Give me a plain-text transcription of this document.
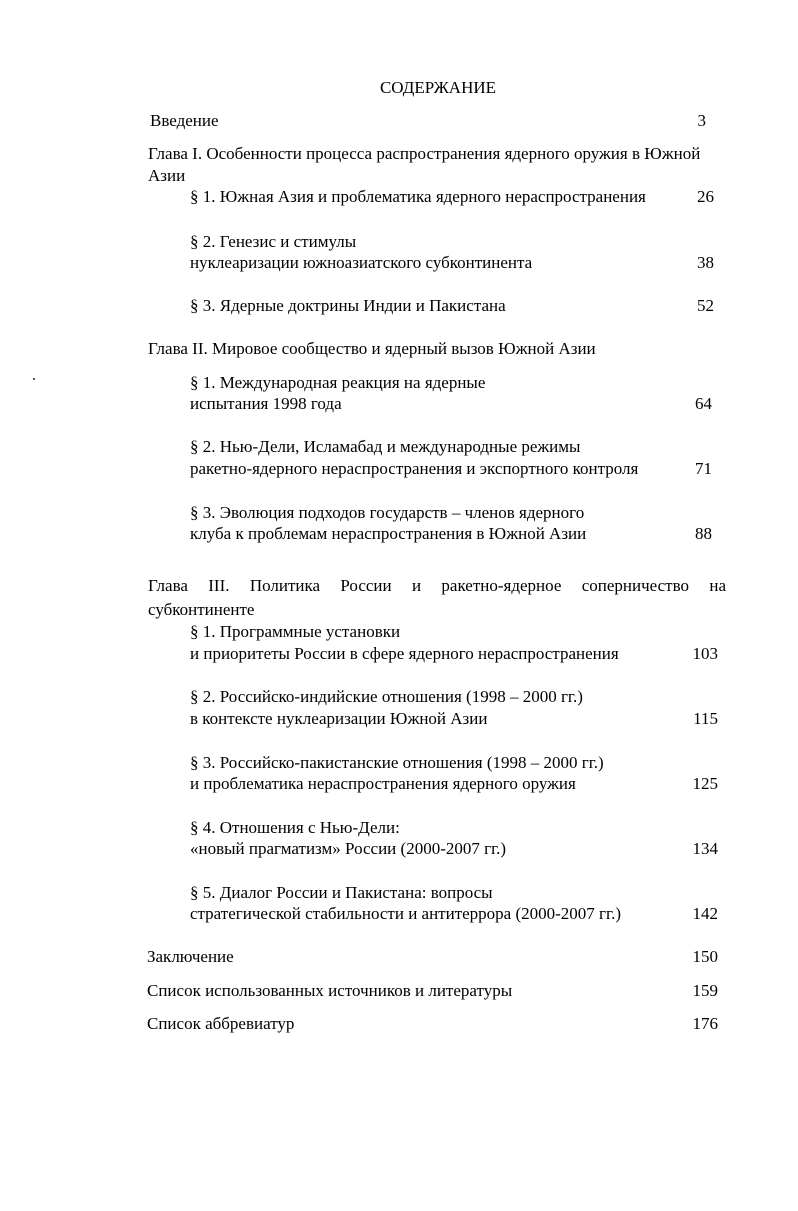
СОДЕРЖАНИЕ
Введение	3
Глава I. Особенности процесса распространения ядерного оружия в Южной
Азии
§ 1. Южная Азия и проблематика ядерного нераспространения	26
§ 2. Генезис и стимулы
нуклеаризации южноазиатского субконтинента	38
§ 3. Ядерные доктрины Индии и Пакистана	52
Глава II. Мировое сообщество и ядерный вызов Южной Азии
§ 1. Международная реакция на ядерные
испытания 1998 года	64
§ 2. Нью-Дели, Исламабад и международные режимы
ракетно-ядерного нераспространения и экспортного контроля	71
§ 3. Эволюция подходов государств – членов ядерного
клуба к проблемам нераспространения в Южной Азии	88
Глава III. Политика России и ракетно-ядерное соперничество на
субконтиненте
§ 1. Программные установки
и приоритеты России в сфере ядерного нераспространения	103
§ 2. Российско-индийские отношения (1998 – 2000 гг.)
в контексте нуклеаризации Южной Азии	115
§ 3. Российско-пакистанские отношения (1998 – 2000 гг.)
и проблематика нераспространения ядерного оружия	125
§ 4. Отношения с Нью-Дели:
«новый прагматизм» России (2000-2007 гг.)	134
§ 5. Диалог России и Пакистана: вопросы
стратегической стабильности и антитеррора (2000-2007 гг.)	142
Заключение	150
Список использованных источников и литературы	159
Список аббревиатур	176
